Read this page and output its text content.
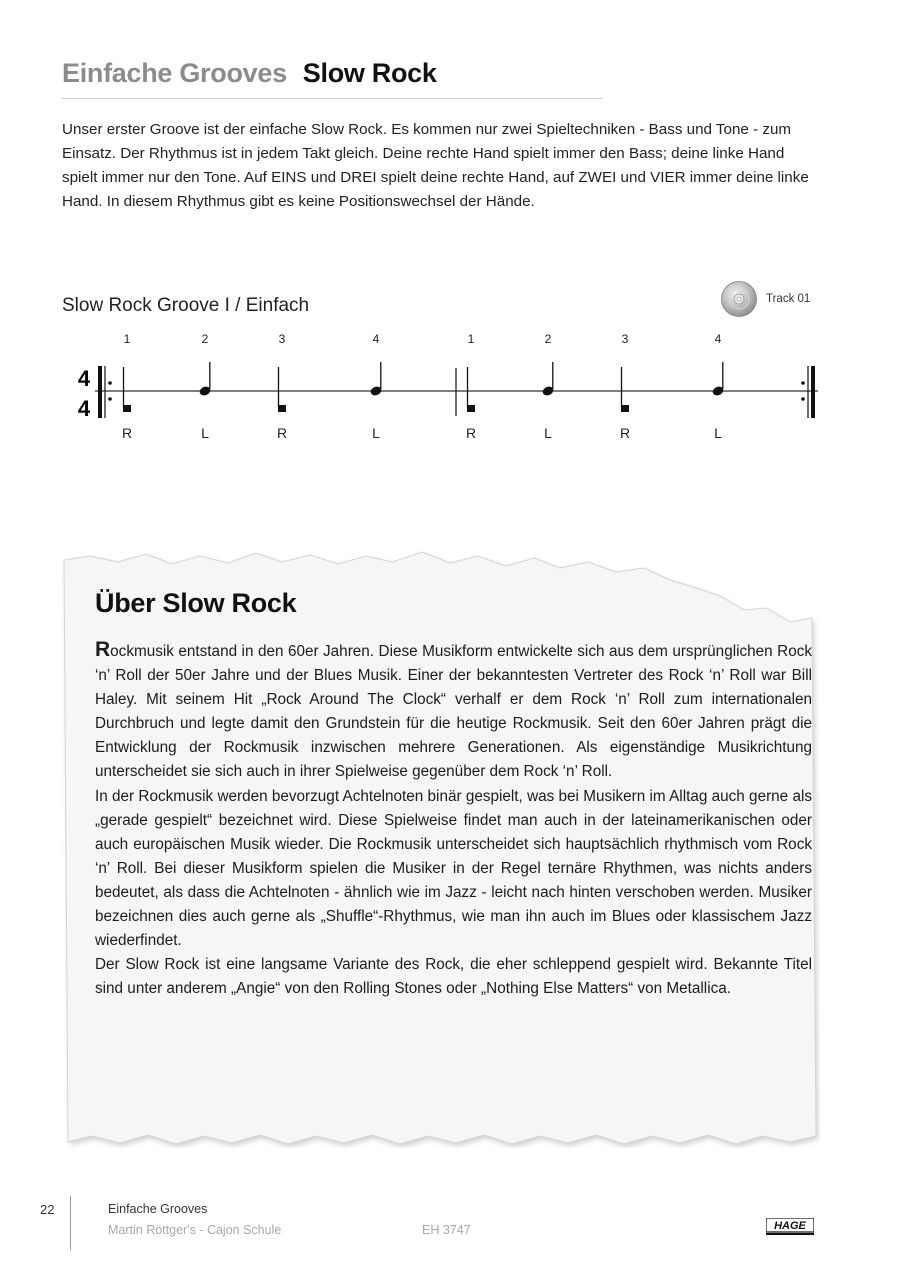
Einfache Grooves Slow Rock

Unser erster Groove ist der einfache Slow Rock. Es kommen nur zwei Spieltechniken - Bass und Tone - zum Einsatz. Der Rhythmus ist in jedem Takt gleich. Deine rechte Hand spielt immer den Bass; deine linke Hand spielt immer nur den Tone. Auf EINS und DREI spielt deine rechte Hand, auf ZWEI und VIER immer deine linke Hand. In diesem Rhythmus gibt es keine Positionswechsel der Hände.

Slow Rock Groove I / Einfach	Track 01
4
4
1
R
2
L
3
R
4
L
1
R
2
L
3
R
4
L
Über Slow Rock

Rockmusik entstand in den 60er Jahren. Diese Musikform entwickelte sich aus dem ursprünglichen Rock ‘n’ Roll der 50er Jahre und der Blues Musik. Einer der bekanntesten Vertreter des Rock ‘n’ Roll war Bill Haley. Mit seinem Hit „Rock Around The Clock“ verhalf er dem Rock ‘n’ Roll zum internationalen Durchbruch und legte damit den Grundstein für die heutige Rockmusik. Seit den 60er Jahren prägt die Entwicklung der Rockmusik inzwischen mehrere Generationen. Als eigenständige Musikrichtung unterscheidet sie sich auch in ihrer Spielweise gegenüber dem Rock ‘n’ Roll.

In der Rockmusik werden bevorzugt Achtelnoten binär gespielt, was bei Musikern im Alltag auch gerne als „gerade gespielt“ bezeichnet wird. Diese Spielweise findet man auch in der lateinamerikanischen oder auch europäischen Musik wieder. Die Rockmusik unterscheidet sich hauptsächlich rhythmisch vom Rock ‘n’ Roll. Bei dieser Musikform spielen die Musiker in der Regel ternäre Rhythmen, was nichts anders bedeutet, als dass die Achtelnoten - ähnlich wie im Jazz - leicht nach hinten verschoben werden. Musiker bezeichnen dies auch gerne als „Shuffle“-Rhythmus, wie man ihn auch im Blues oder klassischem Jazz wiederfindet.

Der Slow Rock ist eine langsame Variante des Rock, die eher schleppend gespielt wird. Bekannte Titel sind unter anderem „Angie“ von den Rolling Stones oder „Nothing Else Matters“ von Metallica.

22	Einfache Grooves
Martin Röttger's - Cajon Schule	EH 3747	HAGE
